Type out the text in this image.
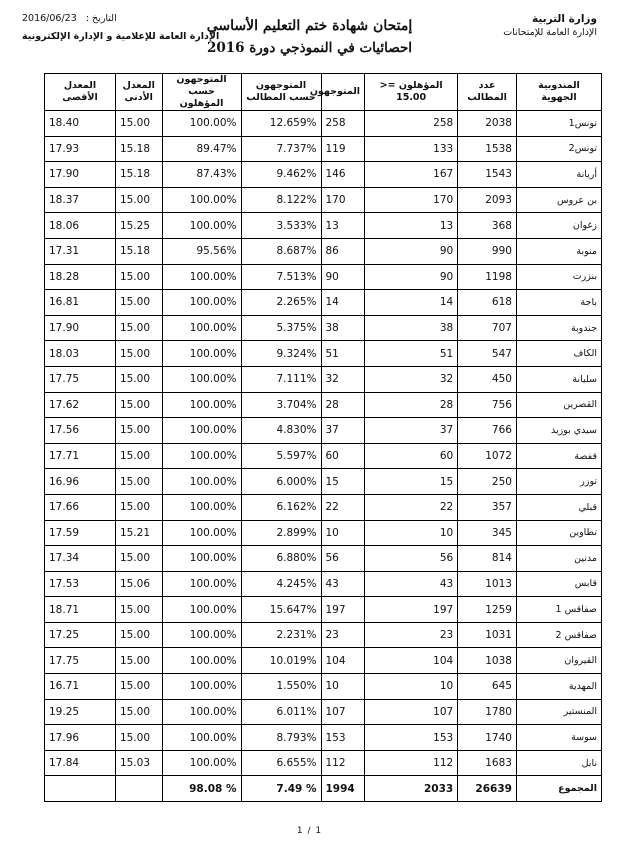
وزارة التربية
الإدارة العامة للإمتحانات
2016/06/23 التاريخ :
الإدارة العامة للإعلامية و الإدارة الإلكترونية
إمتحان شهادة ختم التعليم الأساسي
احصائيات في النموذجي دورة 2016
المندوبية الجهوية	عدد المطالب	المؤهلون =< 15.00	المتوجهون	المتوجهون حسب المطالب	المتوجهون حسب المؤهلون	المعدل الأدنى	المعدل الأقصى
تونس1	2038	258	258	12.659%	100.00%	15.00	18.40
تونس2	1538	133	119	7.737%	89.47%	15.18	17.93
أريانة	1543	167	146	9.462%	87.43%	15.18	17.90
بن عروس	2093	170	170	8.122%	100.00%	15.00	18.37
زغوان	368	13	13	3.533%	100.00%	15.25	18.06
منوبة	990	90	86	8.687%	95.56%	15.18	17.31
بنزرت	1198	90	90	7.513%	100.00%	15.00	18.28
باجة	618	14	14	2.265%	100.00%	15.00	16.81
جندوبة	707	38	38	5.375%	100.00%	15.00	17.90
الكاف	547	51	51	9.324%	100.00%	15.00	18.03
سليانة	450	32	32	7.111%	100.00%	15.00	17.75
القصرين	756	28	28	3.704%	100.00%	15.00	17.62
سيدي بوزيد	766	37	37	4.830%	100.00%	15.00	17.56
قفصة	1072	60	60	5.597%	100.00%	15.00	17.71
توزر	250	15	15	6.000%	100.00%	15.00	16.96
قبلي	357	22	22	6.162%	100.00%	15.00	17.66
تطاوين	345	10	10	2.899%	100.00%	15.21	17.59
مدنين	814	56	56	6.880%	100.00%	15.00	17.34
قابس	1013	43	43	4.245%	100.00%	15.06	17.53
صفاقس 1	1259	197	197	15.647%	100.00%	15.00	18.71
صفاقس 2	1031	23	23	2.231%	100.00%	15.00	17.25
القيروان	1038	104	104	10.019%	100.00%	15.00	17.75
المهدية	645	10	10	1.550%	100.00%	15.00	16.71
المنستير	1780	107	107	6.011%	100.00%	15.00	19.25
سوسة	1740	153	153	8.793%	100.00%	15.00	17.96
نابل	1683	112	112	6.655%	100.00%	15.03	17.84
المجموع	26639	2033	1994	7.49 %	98.08 %		
1 / 1
